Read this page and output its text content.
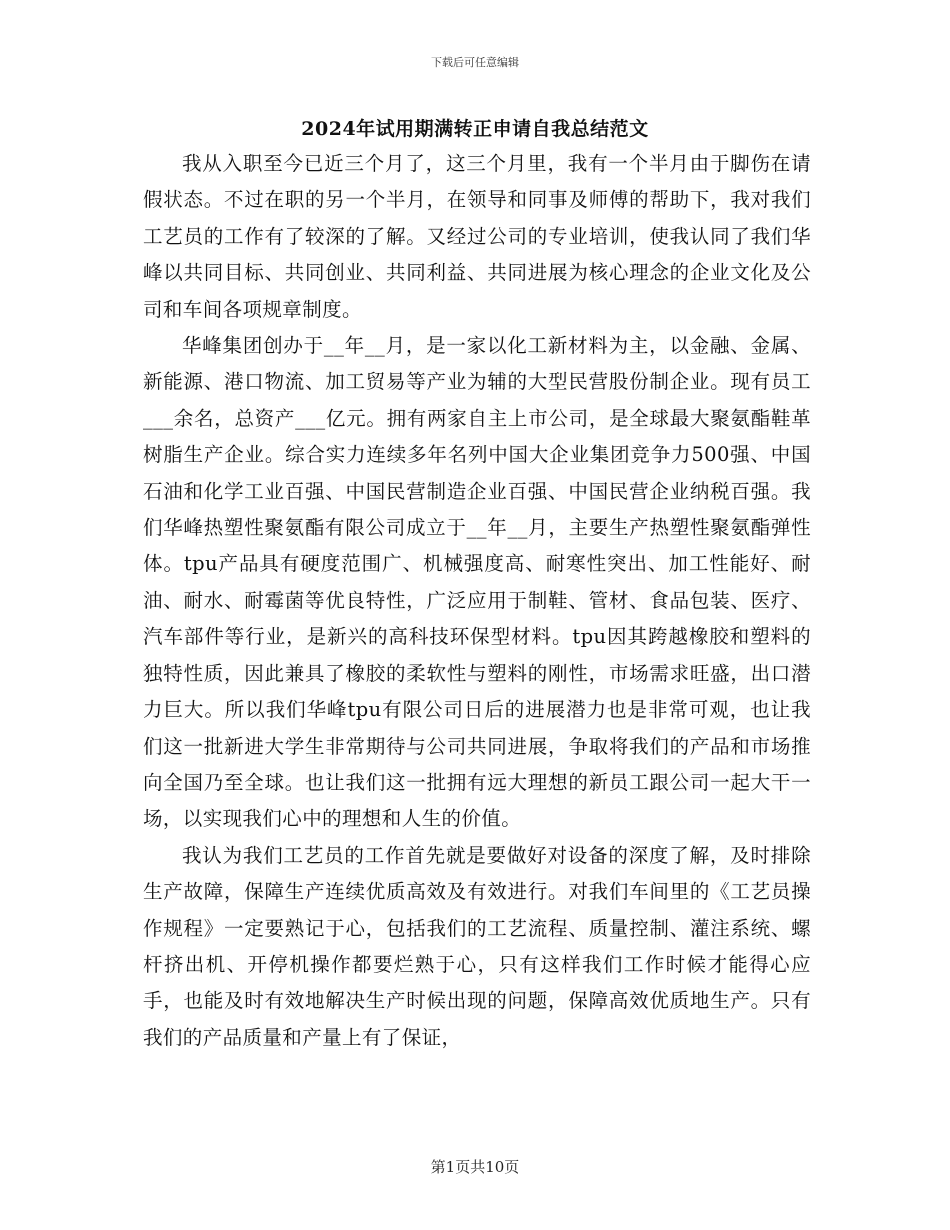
下载后可任意编辑
2024年试用期满转正申请自我总结范文

我从入职至今已近三个月了，这三个月里，我有一个半月由于脚伤在请假状态。不过在职的另一个半月，在领导和同事及师傅的帮助下，我对我们工艺员的工作有了较深的了解。又经过公司的专业培训，使我认同了我们华峰以共同目标、共同创业、共同利益、共同进展为核心理念的企业文化及公司和车间各项规章制度。

华峰集团创办于__年__月，是一家以化工新材料为主，以金融、金属、新能源、港口物流、加工贸易等产业为辅的大型民营股份制企业。现有员工___余名，总资产___亿元。拥有两家自主上市公司，是全球最大聚氨酯鞋革树脂生产企业。综合实力连续多年名列中国大企业集团竞争力500强、中国石油和化学工业百强、中国民营制造企业百强、中国民营企业纳税百强。我们华峰热塑性聚氨酯有限公司成立于__年__月，主要生产热塑性聚氨酯弹性体。tpu产品具有硬度范围广、机械强度高、耐寒性突出、加工性能好、耐油、耐水、耐霉菌等优良特性，广泛应用于制鞋、管材、食品包装、医疗、汽车部件等行业，是新兴的高科技环保型材料。tpu因其跨越橡胶和塑料的独特性质，因此兼具了橡胶的柔软性与塑料的刚性，市场需求旺盛，出口潜力巨大。所以我们华峰tpu有限公司日后的进展潜力也是非常可观，也让我们这一批新进大学生非常期待与公司共同进展，争取将我们的产品和市场推向全国乃至全球。也让我们这一批拥有远大理想的新员工跟公司一起大干一场，以实现我们心中的理想和人生的价值。

我认为我们工艺员的工作首先就是要做好对设备的深度了解，及时排除生产故障，保障生产连续优质高效及有效进行。对我们车间里的《工艺员操作规程》一定要熟记于心，包括我们的工艺流程、质量控制、灌注系统、螺杆挤出机、开停机操作都要烂熟于心，只有这样我们工作时候才能得心应手，也能及时有效地解决生产时候出现的问题，保障高效优质地生产。只有我们的产品质量和产量上有了保证，

第1页共10页
